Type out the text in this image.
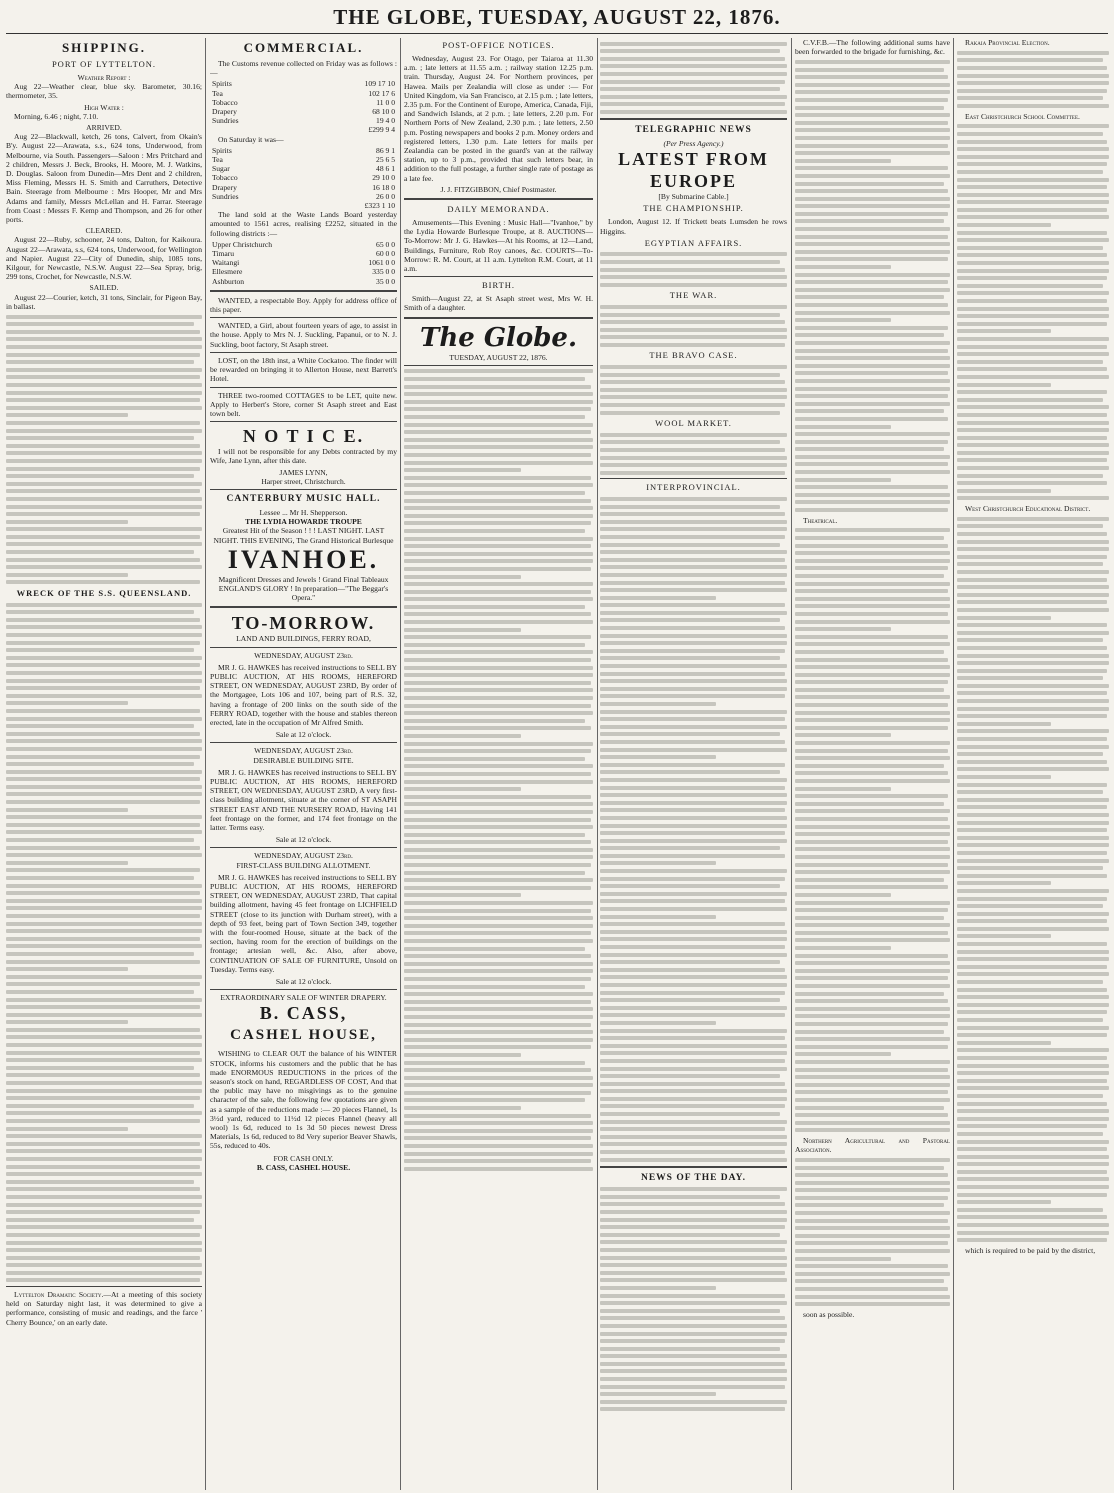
THE GLOBE, TUESDAY, AUGUST 22, 1876.
SHIPPING.
PORT OF LYTTELTON.
Weather Report :

Aug 22—Weather clear, blue sky. Barometer, 30.16; thermometer, 35.

High Water :

Morning, 6.46 ; night, 7.10.

ARRIVED.

Aug 22—Blackwall, ketch, 26 tons, Calvert, from Okain's B'y. August 22—Arawata, s.s., 624 tons, Underwood, from Melbourne, via South. Passengers—Saloon : Mrs Pritchard and 2 children, Messrs J. Beck, Brooks, H. Moore, M. J. Watkins, D. Douglas. Saloon from Dunedin—Mrs Dent and 2 children, Miss Fleming, Messrs H. S. Smith and Carruthers, Detective Bain. Steerage from Melbourne : Mrs Hooper, Mr and Mrs Adams and family, Messrs McLellan and H. Farrar. Steerage from Coast : Messrs F. Kemp and Thompson, and 26 for other ports.

CLEARED.

August 22—Ruby, schooner, 24 tons, Dalton, for Kaikoura. August 22—Arawata, s.s, 624 tons, Underwood, for Wellington and Napier. August 22—City of Dunedin, ship, 1085 tons, Kilgour, for Newcastle, N.S.W. August 22—Sea Spray, brig, 299 tons, Crochet, for Newcastle, N.S.W.

SAILED.

August 22—Courier, ketch, 31 tons, Sinclair, for Pigeon Bay, in ballast.

WRECK OF THE S.S. QUEENSLAND.

Lyttelton Dramatic Society.—At a meeting of this society held on Saturday night last, it was determined to give a performance, consisting of music and readings, and the farce ' Cherry Bounce,' on an early date.

COMMERCIAL.

The Customs revenue collected on Friday was as follows :—

Spirits	109 17 10
Tea	102 17 6
Tobacco	11 0 0
Drapery	68 10 0
Sundries	19 4 0
	£299 9 4

On Saturday it was—

Spirits	86 9 1
Tea	25 6 5
Sugar	48 6 1
Tobacco	29 10 0
Drapery	16 18 0
Sundries	26 0 0
	£323 1 10

The land sold at the Waste Lands Board yesterday amounted to 1561 acres, realising £2252, situated in the following districts :—

Upper Christchurch	65 0 0
Timaru	60 0 0
Waitangi	1061 0 0
Ellesmere	335 0 0
Ashburton	35 0 0

WANTED, a respectable Boy. Apply for address office of this paper.

WANTED, a Girl, about fourteen years of age, to assist in the house. Apply to Mrs N. J. Suckling, Papanui, or to N. J. Suckling, boot factory, St Asaph street.

LOST, on the 18th inst, a White Cockatoo. The finder will be rewarded on bringing it to Allerton House, next Barrett's Hotel.

THREE two-roomed COTTAGES to be LET, quite new. Apply to Herbert's Store, corner St Asaph street and East town belt.

N O T I C E.

I will not be responsible for any Debts contracted by my Wife, Jane Lynn, after this date.

JAMES LYNN,
Harper street, Christchurch.
CANTERBURY MUSIC HALL.
Lessee ... Mr H. Shepperson.
THE LYDIA HOWARDE TROUPE
Greatest Hit of the Season ! ! ! LAST NIGHT. LAST NIGHT. THIS EVENING, The Grand Historical Burlesque
IVANHOE.
Magnificent Dresses and Jewels ! Grand Final Tableaux ENGLAND'S GLORY ! In preparation—"The Beggar's Opera."
TO-MORROW.
LAND AND BUILDINGS, FERRY ROAD,
WEDNESDAY, AUGUST 23rd.

MR J. G. HAWKES has received instructions to SELL BY PUBLIC AUCTION, AT HIS ROOMS, HEREFORD STREET, ON WEDNESDAY, AUGUST 23RD, By order of the Mortgagee, Lots 106 and 107, being part of R.S. 32, having a frontage of 200 links on the south side of the FERRY ROAD, together with the house and stables thereon erected, late in the occupation of Mr Alfred Smith.

Sale at 12 o'clock.
WEDNESDAY, AUGUST 23rd.
DESIRABLE BUILDING SITE.

MR J. G. HAWKES has received instructions to SELL BY PUBLIC AUCTION, AT HIS ROOMS, HEREFORD STREET, ON WEDNESDAY, AUGUST 23RD, A very first-class building allotment, situate at the corner of ST ASAPH STREET EAST AND THE NURSERY ROAD, Having 141 feet frontage on the former, and 174 feet frontage on the latter. Terms easy.

Sale at 12 o'clock.
WEDNESDAY, AUGUST 23rd.
FIRST-CLASS BUILDING ALLOTMENT.

MR J. G. HAWKES has received instructions to SELL BY PUBLIC AUCTION, AT HIS ROOMS, HEREFORD STREET, ON WEDNESDAY, AUGUST 23RD, That capital building allotment, having 45 feet frontage on LICHFIELD STREET (close to its junction with Durham street), with a depth of 93 feet, being part of Town Section 349, together with the four-roomed House, situate at the back of the section, having room for the erection of buildings on the frontage; artesian well, &c. Also, after above, CONTINUATION OF SALE OF FURNITURE, Unsold on Tuesday. Terms easy.

Sale at 12 o'clock.
EXTRAORDINARY SALE OF WINTER DRAPERY.
B. CASS,
CASHEL HOUSE,

WISHING to CLEAR OUT the balance of his WINTER STOCK, informs his customers and the public that he has made ENORMOUS REDUCTIONS in the prices of the season's stock on hand, REGARDLESS OF COST, And that the public may have no misgivings as to the genuine character of the sale, the following few quotations are given as a sample of the reductions made :— 20 pieces Flannel, 1s 3½d yard, reduced to 11½d 12 pieces Flannel (heavy all wool) 1s 6d, reduced to 1s 3d 50 pieces newest Dress Materials, 1s 6d, reduced to 8d Very superior Beaver Shawls, 55s, reduced to 40s.

FOR CASH ONLY.
B. CASS, CASHEL HOUSE.
POST-OFFICE NOTICES.

Wednesday, August 23. For Otago, per Taiaroa at 11.30 a.m. ; late letters at 11.55 a.m. ; railway station 12.25 p.m. train. Thursday, August 24. For Northern provinces, per Hawea. Mails per Zealandia will close as under :— For United Kingdom, via San Francisco, at 2.15 p.m. ; late letters, 2.35 p.m. For the Continent of Europe, America, Canada, Fiji, and Sandwich Islands, at 2 p.m. ; late letters, 2.20 p.m. For Northern Ports of New Zealand, 2.30 p.m. ; late letters, 2.50 p.m. Posting newspapers and books 2 p.m. Money orders and registered letters, 1.30 p.m. Late letters for mails per Zealandia can be posted in the guard's van at the railway station, up to 3 p.m., provided that such letters bear, in addition to the full postage, a further single rate of postage as a late fee.

J. J. FITZGIBBON, Chief Postmaster.
DAILY MEMORANDA.

Amusements—This Evening : Music Hall—"Ivanhoe," by the Lydia Howarde Burlesque Troupe, at 8. AUCTIONS—To-Morrow: Mr J. G. Hawkes—At his Rooms, at 12—Land, Buildings, Furniture, Rob Roy canoes, &c. COURTS—To-Morrow: R. M. Court, at 11 a.m. Lyttelton R.M. Court, at 11 a.m.

BIRTH.

Smith—August 22, at St Asaph street west, Mrs W. H. Smith of a daughter.

The Globe.
TUESDAY, AUGUST 22, 1876.
TELEGRAPHIC NEWS
(Per Press Agency.)
LATEST FROM EUROPE
[By Submarine Cable.]
THE CHAMPIONSHIP.

London, August 12. If Trickett beats Lumsden he rows Higgins.

EGYPTIAN AFFAIRS.
THE WAR.
THE BRAVO CASE.
WOOL MARKET.
INTERPROVINCIAL.
NEWS OF THE DAY.

C.V.F.B.—The following additional sums have been forwarded to the brigade for furnishing, &c.

Theatrical.

Northern Agricultural and Pastoral Association.

soon as possible.

Rakaia Provincial Election.

East Christchurch School Committee.

West Christchurch Educational District.

which is required to be paid by the district,
